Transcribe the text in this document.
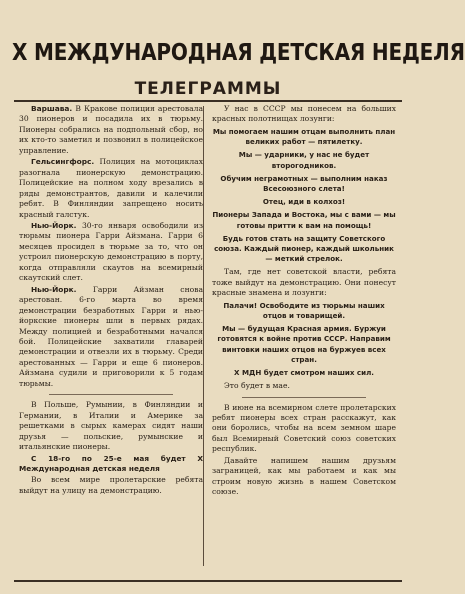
X МЕЖДУНАРОДНАЯ ДЕТСКАЯ НЕДЕЛЯ
ТЕЛЕГРАММЫ

Варшава. В Кракове полиция арестовала 30 пионеров и посадила их в тюрьму. Пионеры собрались на подпольный сбор, но их кто-то заметил и позвонил в полицейское управление.

Гельсингфорс. Полиция на мотоциклах разогнала пионерскую демонстрацию. Полицейские на полном ходу врезались в ряды демонстрантов, давили и калечили ребят. В Финляндии запрещено носить красный галстук.

Нью-Йорк. 30-го января освободили из тюрьмы пионера Гарри Айзмана. Гарри 6 месяцев просидел в тюрьме за то, что он устроил пионерскую демонстрацию в порту, когда отправляли скаутов на всемирный скаутский слет.

Нью-Йорк. Гарри Айзман снова арестован. 6-го марта во время демонстрации безработных Гарри и нью-йоркские пионеры шли в первых рядах. Между полицией и безработными начался бой. Полицейские захватили главарей демонстрации и отвезли их в тюрьму. Среди арестованных — Гарри и еще 6 пионеров. Айзмана судили и приговорили к 5 годам тюрьмы.

В Польше, Румынии, в Финляндии и Германии, в Италии и Америке за решетками в сырых камерах сидят наши друзья — польские, румынские и итальянские пионеры.

С 18-го по 25-е мая будет X Международная детская неделя

Во всем мире пролетарские ребята выйдут на улицу на демонстрацию.

У нас в СССР мы понесем на больших красных полотнищах лозунги:

Мы помогаем нашим отцам выполнить план великих работ — пятилетку.
Мы — ударники, у нас не будет второгодников.
Обучим неграмотных — выполним наказ Всесоюзного слета!
Отец, иди в колхоз!
Пионеры Запада и Востока, мы с вами — мы готовы притти к вам на помощь!
Будь готов стать на защиту Советского союза. Каждый пионер, каждый школьник — меткий стрелок.

Там, где нет советской власти, ребята тоже выйдут на демонстрацию. Они понесут красные знамена и лозунги:

Палачи! Освободите из тюрьмы наших отцов и товарищей.
Мы — будущая Красная армия. Буржуи готовятся к войне против СССР. Направим винтовки наших отцов на буржуев всех стран.
X МДН будет смотром наших сил.

Это будет в мае.

В июне на всемирном слете пролетарских ребят пионеры всех стран расскажут, как они боролись, чтобы на всем земном шаре был Всемирный Советский союз советских республик.

Давайте напишем нашим друзьям заграницей, как мы работаем и как мы строим новую жизнь в нашем Советском союзе.
